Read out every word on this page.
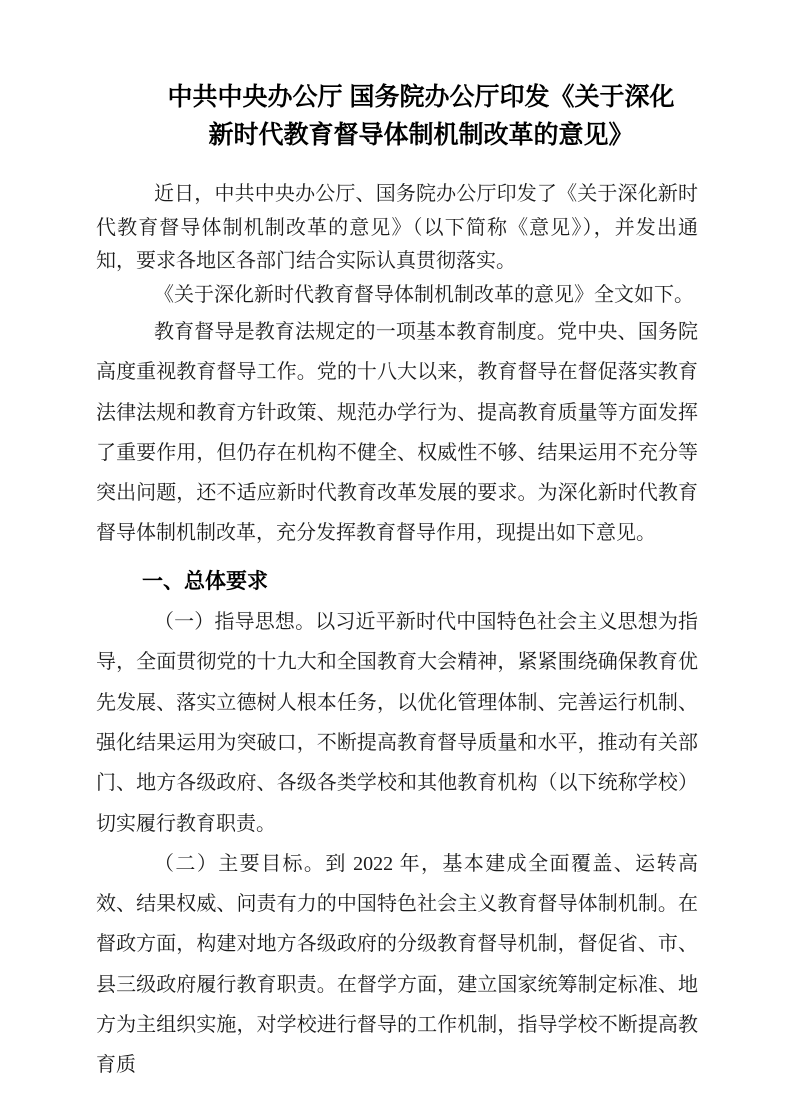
中共中央办公厅 国务院办公厅印发《关于深化
新时代教育督导体制机制改革的意见》

近日，中共中央办公厅、国务院办公厅印发了《关于深化新时代教育督导体制机制改革的意见》（以下简称《意见》），并发出通知，要求各地区各部门结合实际认真贯彻落实。

《关于深化新时代教育督导体制机制改革的意见》全文如下。

教育督导是教育法规定的一项基本教育制度。党中央、国务院高度重视教育督导工作。党的十八大以来，教育督导在督促落实教育法律法规和教育方针政策、规范办学行为、提高教育质量等方面发挥了重要作用，但仍存在机构不健全、权威性不够、结果运用不充分等突出问题，还不适应新时代教育改革发展的要求。为深化新时代教育督导体制机制改革，充分发挥教育督导作用，现提出如下意见。

一、总体要求

（一）指导思想。以习近平新时代中国特色社会主义思想为指导，全面贯彻党的十九大和全国教育大会精神，紧紧围绕确保教育优先发展、落实立德树人根本任务，以优化管理体制、完善运行机制、强化结果运用为突破口，不断提高教育督导质量和水平，推动有关部门、地方各级政府、各级各类学校和其他教育机构（以下统称学校）切实履行教育职责。

（二）主要目标。到 2022 年，基本建成全面覆盖、运转高效、结果权威、问责有力的中国特色社会主义教育督导体制机制。在督政方面，构建对地方各级政府的分级教育督导机制，督促省、市、县三级政府履行教育职责。在督学方面，建立国家统筹制定标准、地方为主组织实施，对学校进行督导的工作机制，指导学校不断提高教育质
